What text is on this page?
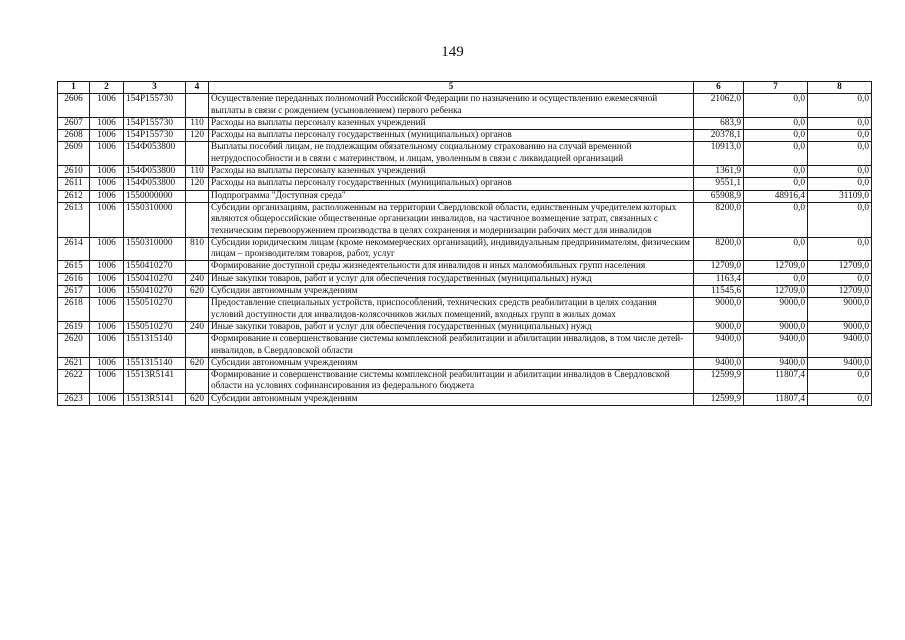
149
1	2	3	4	5	6	7	8
2606	1006	154P155730		Осуществление переданных полномочий Российской Федерации по назначению и осуществлению ежемесячной выплаты в связи с рождением (усыновлением) первого ребенка	21062,0	0,0	0,0
2607	1006	154P155730	110	Расходы на выплаты персоналу казенных учреждений	683,9	0,0	0,0
2608	1006	154P155730	120	Расходы на выплаты персоналу государственных (муниципальных) органов	20378,1	0,0	0,0
2609	1006	154Ф053800		Выплаты пособий лицам, не подлежащим обязательному социальному страхованию на случай временной нетрудоспособности и в связи с материнством, и лицам, уволенным в связи с ликвидацией организаций	10913,0	0,0	0,0
2610	1006	154Ф053800	110	Расходы на выплаты персоналу казенных учреждений	1361,9	0,0	0,0
2611	1006	154Ф053800	120	Расходы на выплаты персоналу государственных (муниципальных) органов	9551,1	0,0	0,0
2612	1006	1550000000		Подпрограмма "Доступная среда"	65908,9	48916,4	31109,0
2613	1006	1550310000		Субсидии организациям, расположенным на территории Свердловской области, единственным учредителем которых являются общероссийские общественные организации инвалидов, на частичное возмещение затрат, связанных с техническим перевооружением производства в целях сохранения и модернизации рабочих мест для инвалидов	8200,0	0,0	0,0
2614	1006	1550310000	810	Субсидии юридическим лицам (кроме некоммерческих организаций), индивидуальным предпринимателям, физическим лицам – производителям товаров, работ, услуг	8200,0	0,0	0,0
2615	1006	1550410270		Формирование доступной среды жизнедеятельности для инвалидов и иных маломобильных групп населения	12709,0	12709,0	12709,0
2616	1006	1550410270	240	Иные закупки товаров, работ и услуг для обеспечения государственных (муниципальных) нужд	1163,4	0,0	0,0
2617	1006	1550410270	620	Субсидии автономным учреждениям	11545,6	12709,0	12709,0
2618	1006	1550510270		Предоставление специальных устройств, приспособлений, технических средств реабилитации в целях создания условий доступности для инвалидов-колясочников жилых помещений, входных групп в жилых домах	9000,0	9000,0	9000,0
2619	1006	1550510270	240	Иные закупки товаров, работ и услуг для обеспечения государственных (муниципальных) нужд	9000,0	9000,0	9000,0
2620	1006	1551315140		Формирование и совершенствование системы комплексной реабилитации и абилитации инвалидов, в том числе детей-инвалидов, в Свердловской области	9400,0	9400,0	9400,0
2621	1006	1551315140	620	Субсидии автономным учреждениям	9400,0	9400,0	9400,0
2622	1006	15513R5141		Формирование и совершенствование системы комплексной реабилитации и абилитации инвалидов в Свердловской области на условиях софинансирования из федерального бюджета	12599,9	11807,4	0,0
2623	1006	15513R5141	620	Субсидии автономным учреждениям	12599,9	11807,4	0,0
